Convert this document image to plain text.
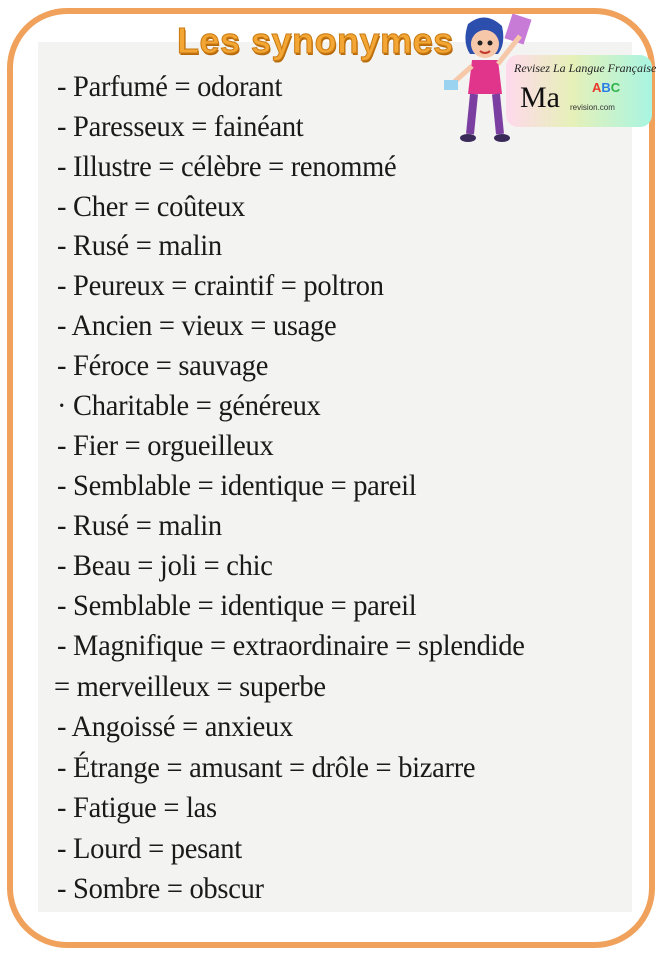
Les synonymes
Revisez La Langue Française
Ma ABC
revision.com
- Parfumé = odorant
- Paresseux = fainéant
- Illustre = célèbre = renommé
- Cher = coûteux
- Rusé = malin
- Peureux = craintif = poltron
- Ancien = vieux = usage
- Féroce = sauvage
· Charitable = généreux
- Fier = orgueilleux
- Semblable = identique = pareil
- Rusé = malin
- Beau = joli = chic
- Semblable = identique = pareil
- Magnifique = extraordinaire = splendide
= merveilleux = superbe
- Angoissé = anxieux
- Étrange = amusant = drôle = bizarre
- Fatigue = las
- Lourd = pesant
- Sombre = obscur
